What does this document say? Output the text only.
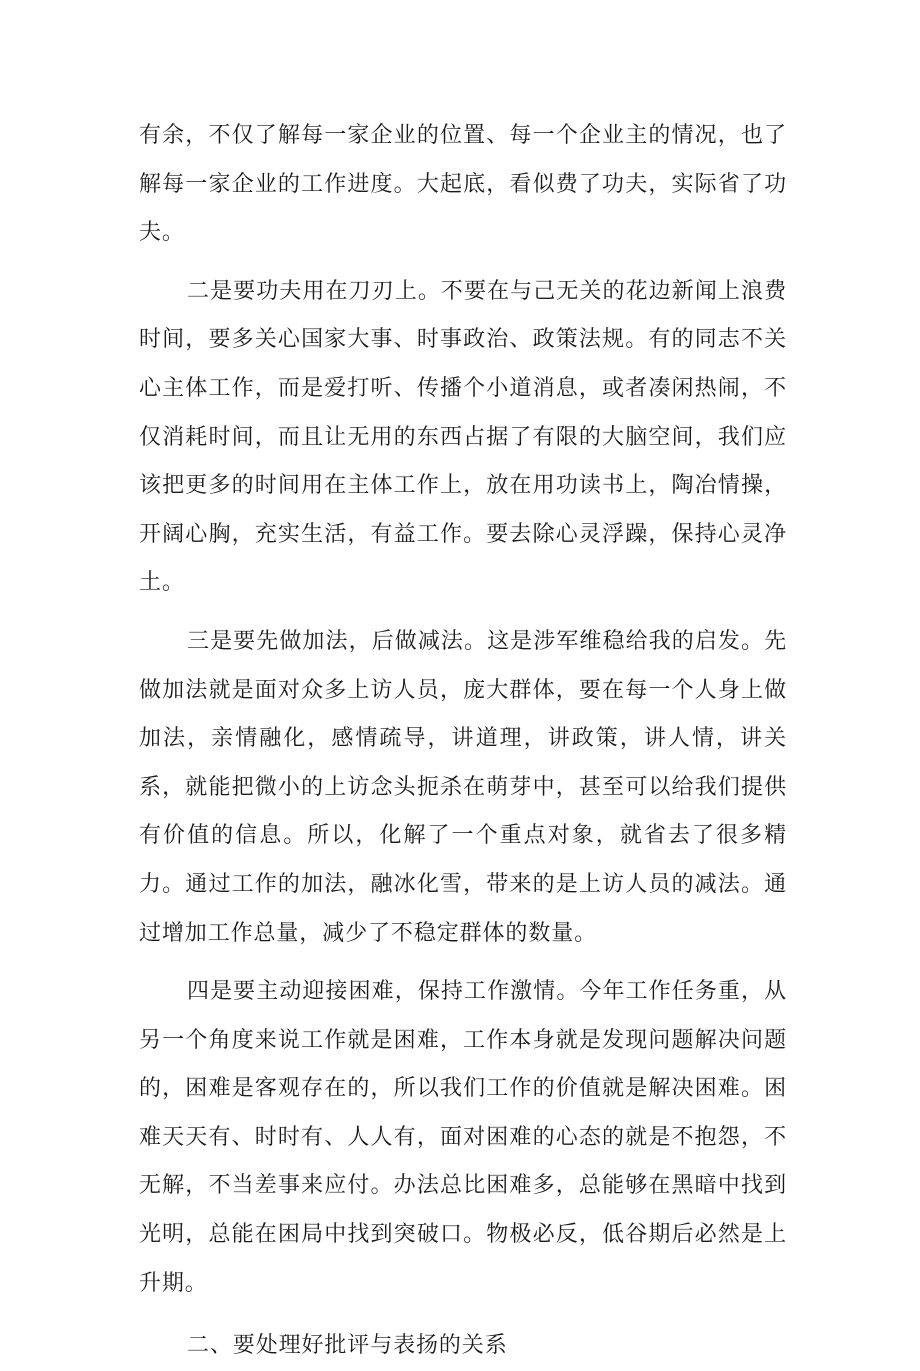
有余，不仅了解每一家企业的位置、每一个企业主的情况，也了解每一家企业的工作进度。大起底，看似费了功夫，实际省了功夫。

二是要功夫用在刀刃上。不要在与己无关的花边新闻上浪费时间，要多关心国家大事、时事政治、政策法规。有的同志不关心主体工作，而是爱打听、传播个小道消息，或者凑闲热闹，不仅消耗时间，而且让无用的东西占据了有限的大脑空间，我们应该把更多的时间用在主体工作上，放在用功读书上，陶冶情操，开阔心胸，充实生活，有益工作。要去除心灵浮躁，保持心灵净土。

三是要先做加法，后做减法。这是涉军维稳给我的启发。先做加法就是面对众多上访人员，庞大群体，要在每一个人身上做加法，亲情融化，感情疏导，讲道理，讲政策，讲人情，讲关系，就能把微小的上访念头扼杀在萌芽中，甚至可以给我们提供有价值的信息。所以，化解了一个重点对象，就省去了很多精力。通过工作的加法，融冰化雪，带来的是上访人员的减法。通过增加工作总量，减少了不稳定群体的数量。

四是要主动迎接困难，保持工作激情。今年工作任务重，从另一个角度来说工作就是困难，工作本身就是发现问题解决问题的，困难是客观存在的，所以我们工作的价值就是解决困难。困难天天有、时时有、人人有，面对困难的心态的就是不抱怨，不无解，不当差事来应付。办法总比困难多，总能够在黑暗中找到光明，总能在困局中找到突破口。物极必反，低谷期后必然是上升期。

二、要处理好批评与表扬的关系
